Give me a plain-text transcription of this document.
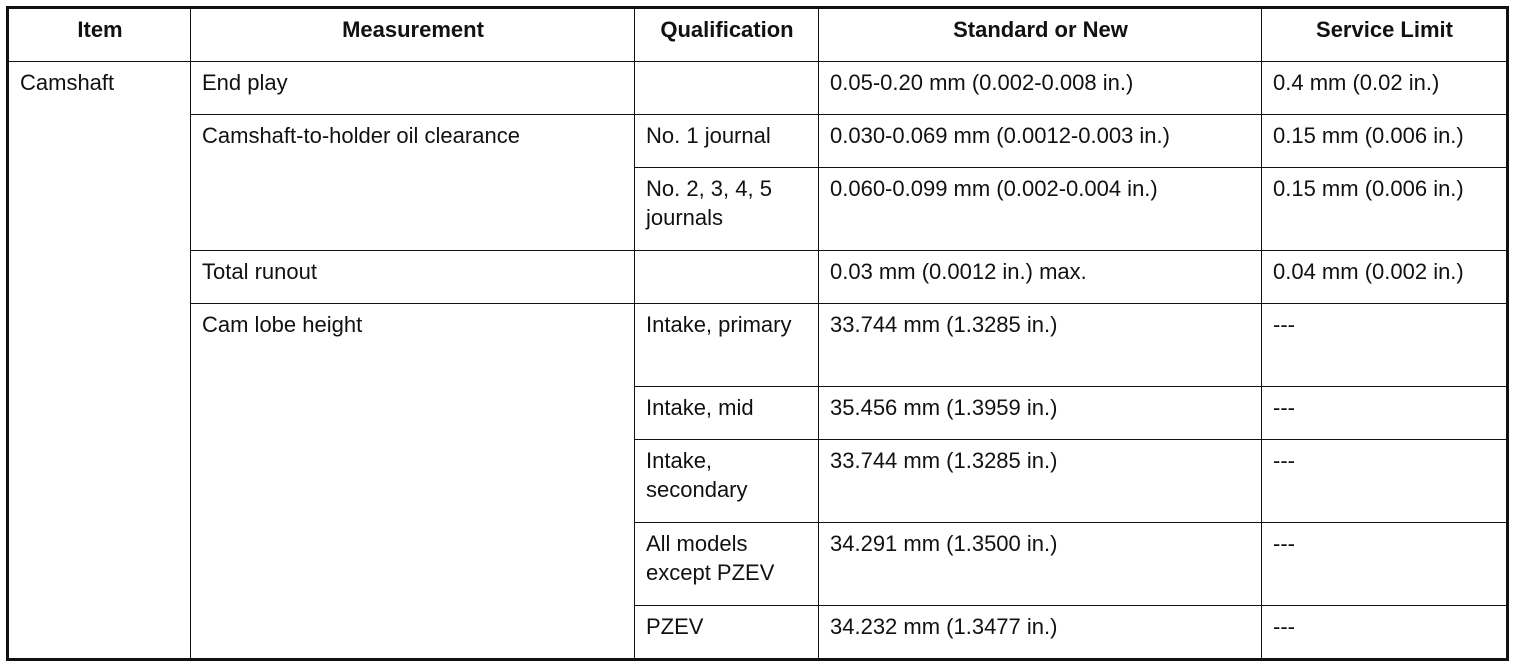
Item	Measurement	Qualification	Standard or New	Service Limit
Camshaft	End play		0.05-0.20 mm (0.002-0.008 in.)	0.4 mm (0.02 in.)
	Camshaft-to-holder oil clearance	No. 1 journal	0.030-0.069 mm (0.0012-0.003 in.)	0.15 mm (0.006 in.)
		No. 2, 3, 4, 5 journals	0.060-0.099 mm (0.002-0.004 in.)	0.15 mm (0.006 in.)
	Total runout		0.03 mm (0.0012 in.) max.	0.04 mm (0.002 in.)
	Cam lobe height	Intake, primary	33.744 mm (1.3285 in.)	---
		Intake, mid	35.456 mm (1.3959 in.)	---
		Intake, secondary	33.744 mm (1.3285 in.)	---
		All models except PZEV	34.291 mm (1.3500 in.)	---
		PZEV	34.232 mm (1.3477 in.)	---
